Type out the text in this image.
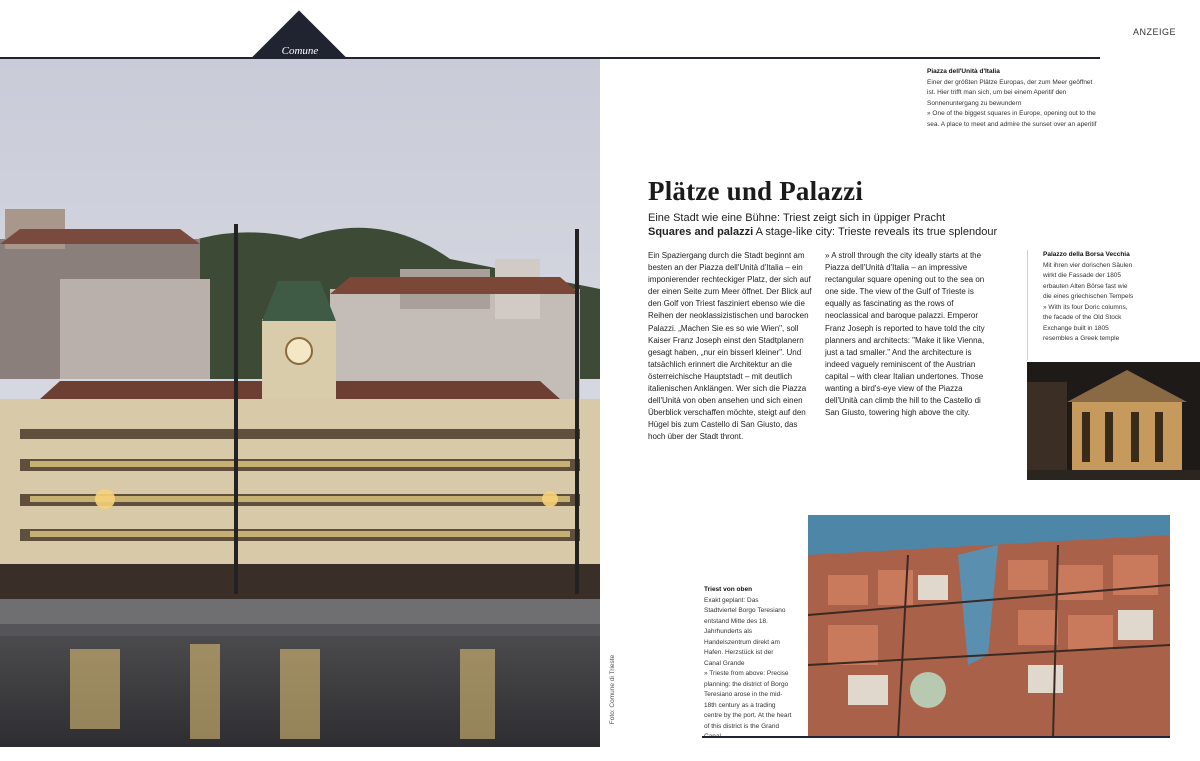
Comune
ANZEIGE
Foto: Comune di Trieste
Piazza dell'Unità d'Italia
Einer der größten Plätze Europas, der zum Meer geöffnet ist. Hier trifft man sich, um bei einem Aperitif den Sonnenuntergang zu bewundern
» One of the biggest squares in Europe, opening out to the sea. A place to meet and admire the sunset over an aperitif
Plätze und Palazzi
Eine Stadt wie eine Bühne: Triest zeigt sich in üppiger Pracht
Squares and palazzi A stage-like city: Trieste reveals its true splendour
Ein Spaziergang durch die Stadt beginnt am besten an der Piazza dell'Unità d'Italia – ein imponierender rechteckiger Platz, der sich auf der einen Seite zum Meer öffnet. Der Blick auf den Golf von Triest fasziniert ebenso wie die Reihen der neoklassizistischen und barocken Palazzi. „Machen Sie es so wie Wien", soll Kaiser Franz Joseph einst den Stadtplanern gesagt haben, „nur ein bisserl kleiner". Und tatsächlich erinnert die Architektur an die österreichische Hauptstadt – mit deutlich italienischen Anklängen. Wer sich die Piazza dell'Unità von oben ansehen und sich einen Überblick verschaffen möchte, steigt auf den Hügel bis zum Castello di San Giusto, das hoch über der Stadt thront.
» A stroll through the city ideally starts at the Piazza dell'Unità d'Italia – an impressive rectangular square opening out to the sea on one side. The view of the Gulf of Trieste is equally as fascinating as the rows of neoclassical and baroque palazzi. Emperor Franz Joseph is reported to have told the city planners and architects: "Make it like Vienna, just a tad smaller." And the architecture is indeed vaguely reminiscent of the Austrian capital – with clear Italian undertones. Those wanting a bird's-eye view of the Piazza dell'Unità can climb the hill to the Castello di San Giusto, towering high above the city.
Palazzo della Borsa Vecchia
Mit ihren vier dorischen Säulen wirkt die Fassade der 1805 erbauten Alten Börse fast wie die eines griechischen Tempels
» With its four Doric columns, the facade of the Old Stock Exchange built in 1805 resembles a Greek temple
Triest von oben
Exakt geplant: Das Stadtviertel Borgo Teresiano entstand Mitte des 18. Jahrhunderts als Handelszentrum direkt am Hafen. Herzstück ist der Canal Grande
» Trieste from above: Precise planning: the district of Borgo Teresiano arose in the mid-18th century as a trading centre by the port. At the heart of this district is the Grand
